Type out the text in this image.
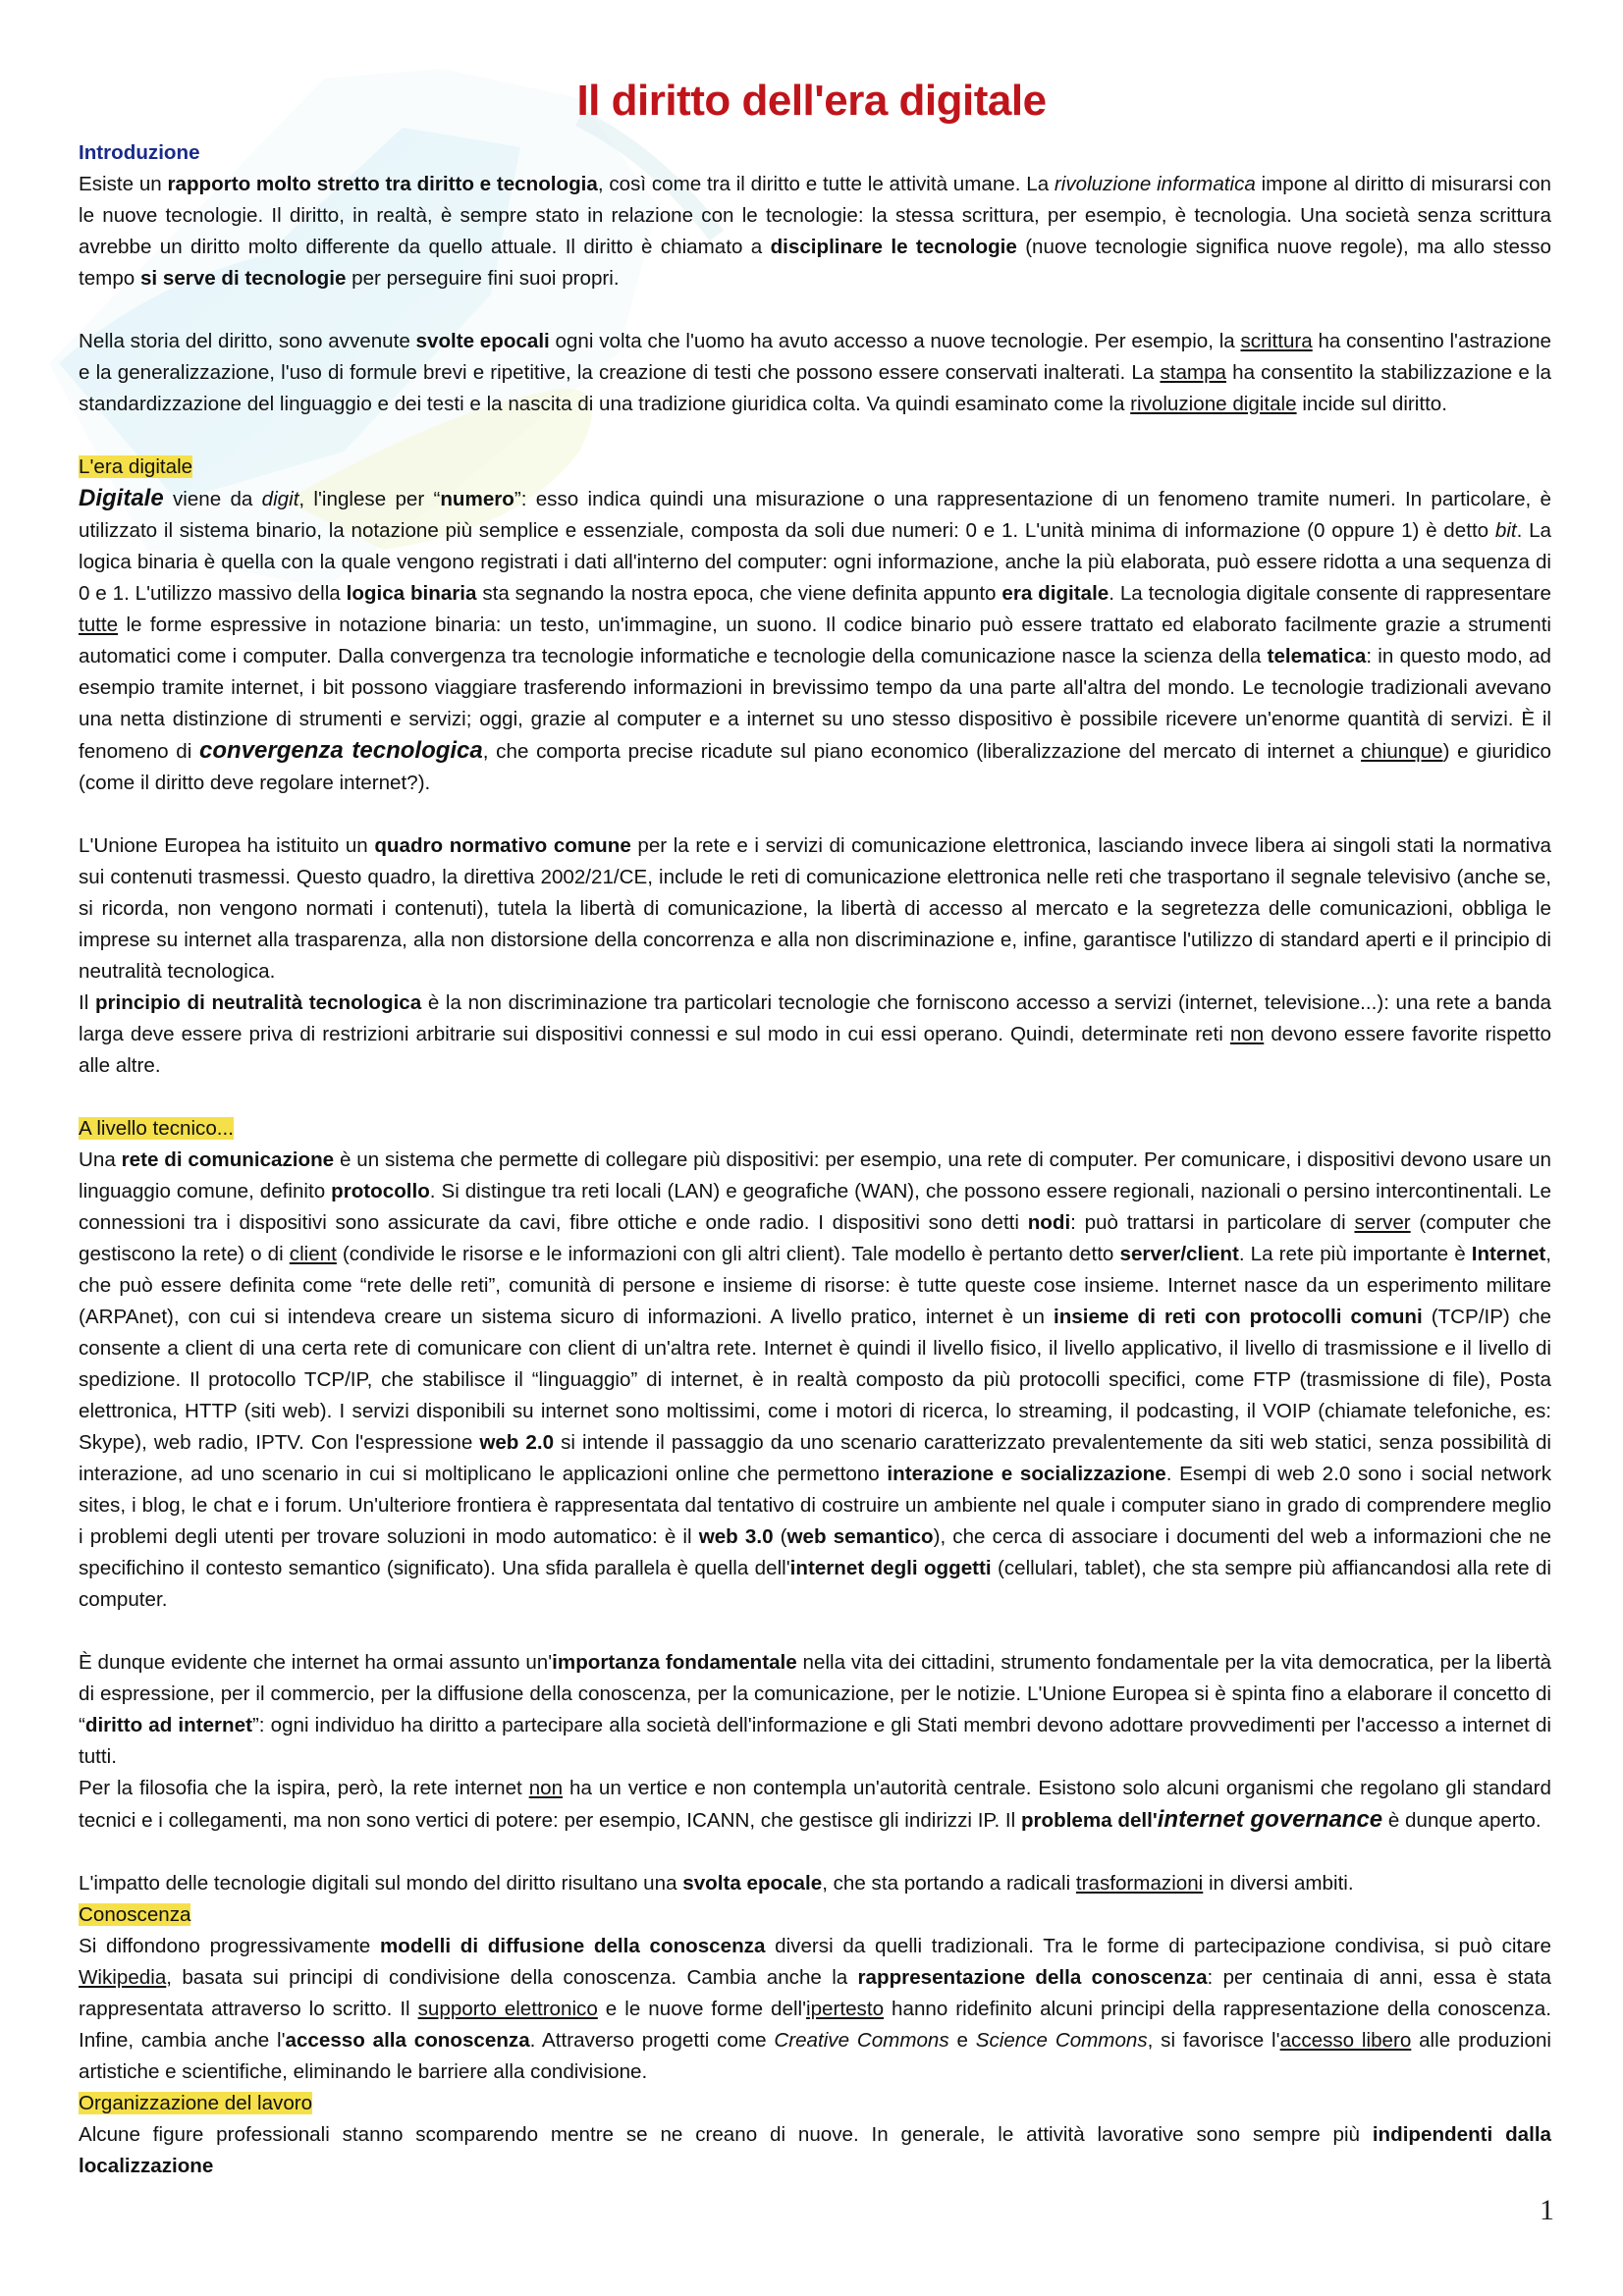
Il diritto dell'era digitale

Introduzione

Esiste un rapporto molto stretto tra diritto e tecnologia, così come tra il diritto e tutte le attività umane. La rivoluzione informatica impone al diritto di misurarsi con le nuove tecnologie. Il diritto, in realtà, è sempre stato in relazione con le tecnologie: la stessa scrittura, per esempio, è tecnologia. Una società senza scrittura avrebbe un diritto molto differente da quello attuale. Il diritto è chiamato a disciplinare le tecnologie (nuove tecnologie significa nuove regole), ma allo stesso tempo si serve di tecnologie per perseguire fini suoi propri.

Nella storia del diritto, sono avvenute svolte epocali ogni volta che l'uomo ha avuto accesso a nuove tecnologie. Per esempio, la scrittura ha consentino l'astrazione e la generalizzazione, l'uso di formule brevi e ripetitive, la creazione di testi che possono essere conservati inalterati. La stampa ha consentito la stabilizzazione e la standardizzazione del linguaggio e dei testi e la nascita di una tradizione giuridica colta. Va quindi esaminato come la rivoluzione digitale incide sul diritto.

L'era digitale

Digitale viene da digit, l'inglese per “numero”: esso indica quindi una misurazione o una rappresentazione di un fenomeno tramite numeri. In particolare, è utilizzato il sistema binario, la notazione più semplice e essenziale, composta da soli due numeri: 0 e 1. L'unità minima di informazione (0 oppure 1) è detto bit. La logica binaria è quella con la quale vengono registrati i dati all'interno del computer: ogni informazione, anche la più elaborata, può essere ridotta a una sequenza di 0 e 1. L'utilizzo massivo della logica binaria sta segnando la nostra epoca, che viene definita appunto era digitale. La tecnologia digitale consente di rappresentare tutte le forme espressive in notazione binaria: un testo, un'immagine, un suono. Il codice binario può essere trattato ed elaborato facilmente grazie a strumenti automatici come i computer. Dalla convergenza tra tecnologie informatiche e tecnologie della comunicazione nasce la scienza della telematica: in questo modo, ad esempio tramite internet, i bit possono viaggiare trasferendo informazioni in brevissimo tempo da una parte all'altra del mondo. Le tecnologie tradizionali avevano una netta distinzione di strumenti e servizi; oggi, grazie al computer e a internet su uno stesso dispositivo è possibile ricevere un'enorme quantità di servizi. È il fenomeno di convergenza tecnologica, che comporta precise ricadute sul piano economico (liberalizzazione del mercato di internet a chiunque) e giuridico (come il diritto deve regolare internet?).

L'Unione Europea ha istituito un quadro normativo comune per la rete e i servizi di comunicazione elettronica, lasciando invece libera ai singoli stati la normativa sui contenuti trasmessi. Questo quadro, la direttiva 2002/21/CE, include le reti di comunicazione elettronica nelle reti che trasportano il segnale televisivo (anche se, si ricorda, non vengono normati i contenuti), tutela la libertà di comunicazione, la libertà di accesso al mercato e la segretezza delle comunicazioni, obbliga le imprese su internet alla trasparenza, alla non distorsione della concorrenza e alla non discriminazione e, infine, garantisce l'utilizzo di standard aperti e il principio di neutralità tecnologica.

Il principio di neutralità tecnologica è la non discriminazione tra particolari tecnologie che forniscono accesso a servizi (internet, televisione...): una rete a banda larga deve essere priva di restrizioni arbitrarie sui dispositivi connessi e sul modo in cui essi operano. Quindi, determinate reti non devono essere favorite rispetto alle altre.

A livello tecnico...

Una rete di comunicazione è un sistema che permette di collegare più dispositivi: per esempio, una rete di computer. Per comunicare, i dispositivi devono usare un linguaggio comune, definito protocollo. Si distingue tra reti locali (LAN) e geografiche (WAN), che possono essere regionali, nazionali o persino intercontinentali. Le connessioni tra i dispositivi sono assicurate da cavi, fibre ottiche e onde radio. I dispositivi sono detti nodi: può trattarsi in particolare di server (computer che gestiscono la rete) o di client (condivide le risorse e le informazioni con gli altri client). Tale modello è pertanto detto server/client. La rete più importante è Internet, che può essere definita come “rete delle reti”, comunità di persone e insieme di risorse: è tutte queste cose insieme. Internet nasce da un esperimento militare (ARPAnet), con cui si intendeva creare un sistema sicuro di informazioni. A livello pratico, internet è un insieme di reti con protocolli comuni (TCP/IP) che consente a client di una certa rete di comunicare con client di un'altra rete. Internet è quindi il livello fisico, il livello applicativo, il livello di trasmissione e il livello di spedizione. Il protocollo TCP/IP, che stabilisce il “linguaggio” di internet, è in realtà composto da più protocolli specifici, come FTP (trasmissione di file), Posta elettronica, HTTP (siti web). I servizi disponibili su internet sono moltissimi, come i motori di ricerca, lo streaming, il podcasting, il VOIP (chiamate telefoniche, es: Skype), web radio, IPTV. Con l'espressione web 2.0 si intende il passaggio da uno scenario caratterizzato prevalentemente da siti web statici, senza possibilità di interazione, ad uno scenario in cui si moltiplicano le applicazioni online che permettono interazione e socializzazione. Esempi di web 2.0 sono i social network sites, i blog, le chat e i forum. Un'ulteriore frontiera è rappresentata dal tentativo di costruire un ambiente nel quale i computer siano in grado di comprendere meglio i problemi degli utenti per trovare soluzioni in modo automatico: è il web 3.0 (web semantico), che cerca di associare i documenti del web a informazioni che ne specifichino il contesto semantico (significato). Una sfida parallela è quella dell'internet degli oggetti (cellulari, tablet), che sta sempre più affiancandosi alla rete di computer.

È dunque evidente che internet ha ormai assunto un'importanza fondamentale nella vita dei cittadini, strumento fondamentale per la vita democratica, per la libertà di espressione, per il commercio, per la diffusione della conoscenza, per la comunicazione, per le notizie. L'Unione Europea si è spinta fino a elaborare il concetto di “diritto ad internet”: ogni individuo ha diritto a partecipare alla società dell'informazione e gli Stati membri devono adottare provvedimenti per l'accesso a internet di tutti.

Per la filosofia che la ispira, però, la rete internet non ha un vertice e non contempla un'autorità centrale. Esistono solo alcuni organismi che regolano gli standard tecnici e i collegamenti, ma non sono vertici di potere: per esempio, ICANN, che gestisce gli indirizzi IP. Il problema dell'internet governance è dunque aperto.

L'impatto delle tecnologie digitali sul mondo del diritto risultano una svolta epocale, che sta portando a radicali trasformazioni in diversi ambiti.

Conoscenza

Si diffondono progressivamente modelli di diffusione della conoscenza diversi da quelli tradizionali. Tra le forme di partecipazione condivisa, si può citare Wikipedia, basata sui principi di condivisione della conoscenza. Cambia anche la rappresentazione della conoscenza: per centinaia di anni, essa è stata rappresentata attraverso lo scritto. Il supporto elettronico e le nuove forme dell'ipertesto hanno ridefinito alcuni principi della rappresentazione della conoscenza. Infine, cambia anche l'accesso alla conoscenza. Attraverso progetti come Creative Commons e Science Commons, si favorisce l'accesso libero alle produzioni artistiche e scientifiche, eliminando le barriere alla condivisione.

Organizzazione del lavoro

Alcune figure professionali stanno scomparendo mentre se ne creano di nuove. In generale, le attività lavorative sono sempre più indipendenti dalla localizzazione

1
